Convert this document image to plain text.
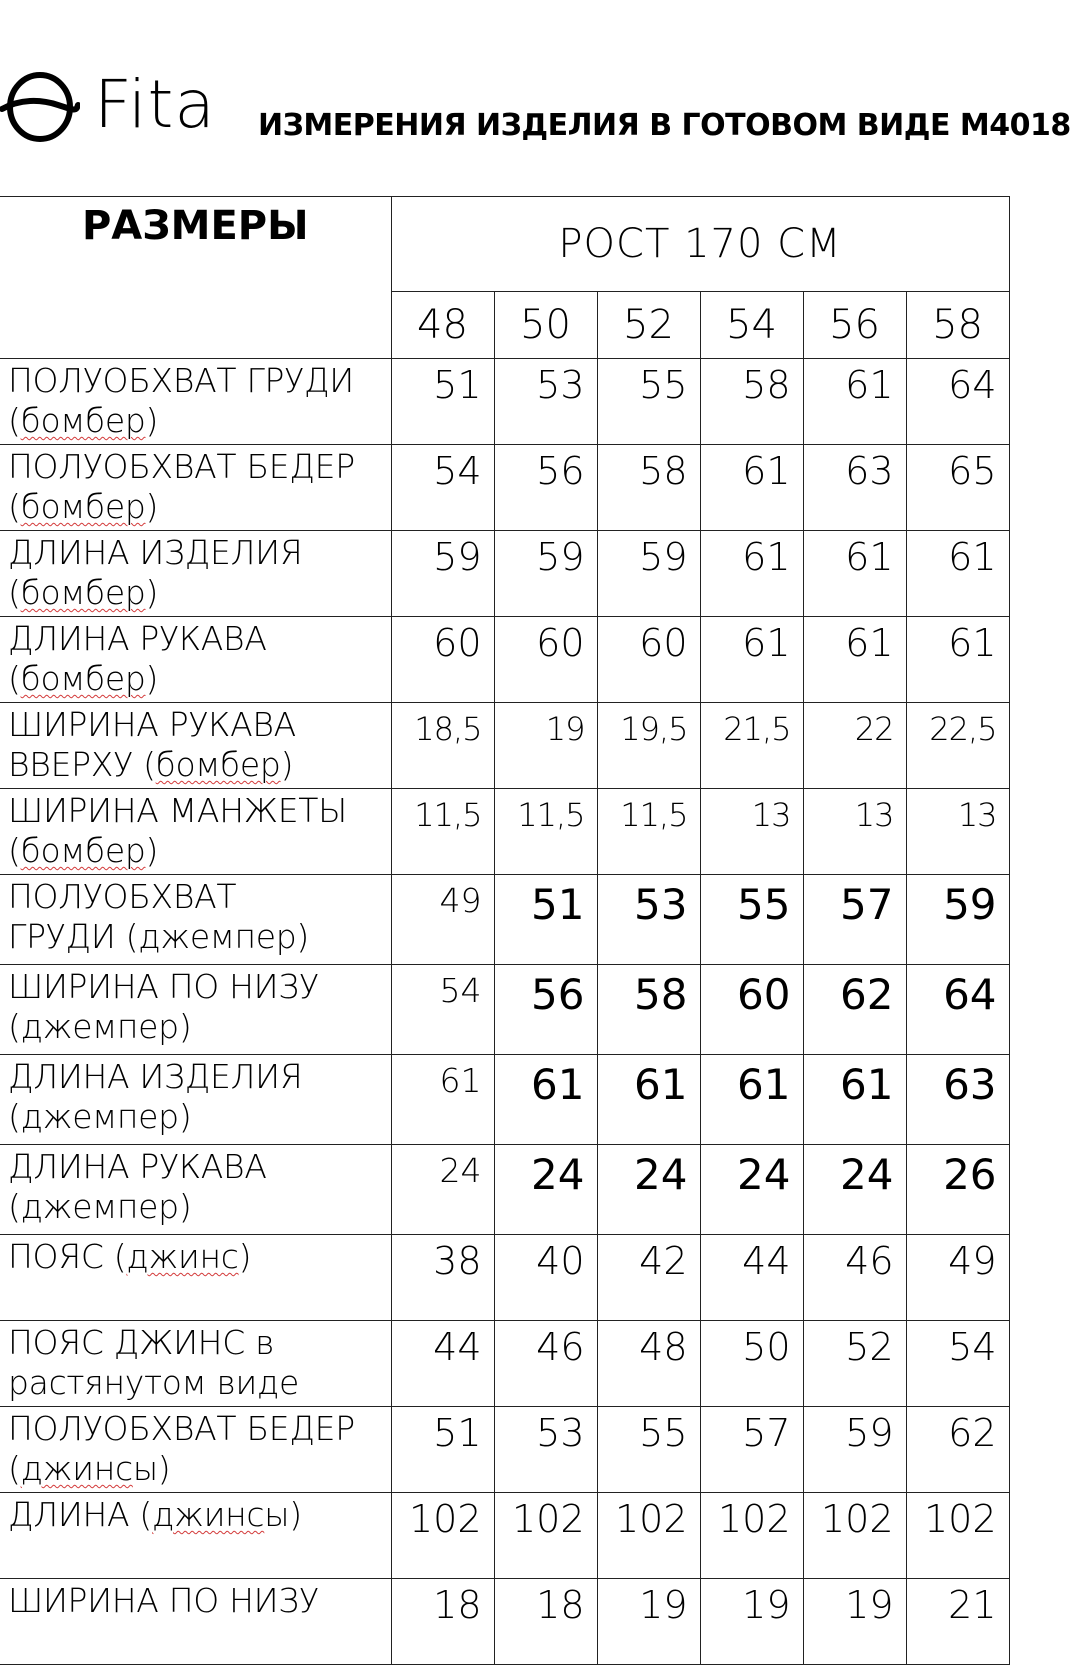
Fita ИЗМЕРЕНИЯ ИЗДЕЛИЯ В ГОТОВОМ ВИДЕ М4018
РАЗМЕРЫ	РОСТ 170 СМ					
	48	50	52	54	56	58

ПОЛУОБХВАТ ГРУДИ
(бомбер)	51	53	55	58	61	64

ПОЛУОБХВАТ БЕДЕР
(бомбер)	54	56	58	61	63	65

ДЛИНА ИЗДЕЛИЯ
(бомбер)	59	59	59	61	61	61

ДЛИНА РУКАВА
(бомбер)	60	60	60	61	61	61

ШИРИНА РУКАВА
ВВЕРХУ (бомбер)	18,5	19	19,5	21,5	22	22,5

ШИРИНА МАНЖЕТЫ
(бомбер)	11,5	11,5	11,5	13	13	13

ПОЛУОБХВАТ
ГРУДИ (джемпер)	49	51	53	55	57	59

ШИРИНА ПО НИЗУ
(джемпер)	54	56	58	60	62	64

ДЛИНА ИЗДЕЛИЯ
(джемпер)	61	61	61	61	61	63

ДЛИНА РУКАВА
(джемпер)	24	24	24	24	24	26

ПОЯС (джинс)	38	40	42	44	46	49

ПОЯС ДЖИНС в
растянутом виде	44	46	48	50	52	54

ПОЛУОБХВАТ БЕДЕР
(джинсы)	51	53	55	57	59	62

ДЛИНА (джинсы)	102	102	102	102	102	102

ШИРИНА ПО НИЗУ	18	18	19	19	19	21
